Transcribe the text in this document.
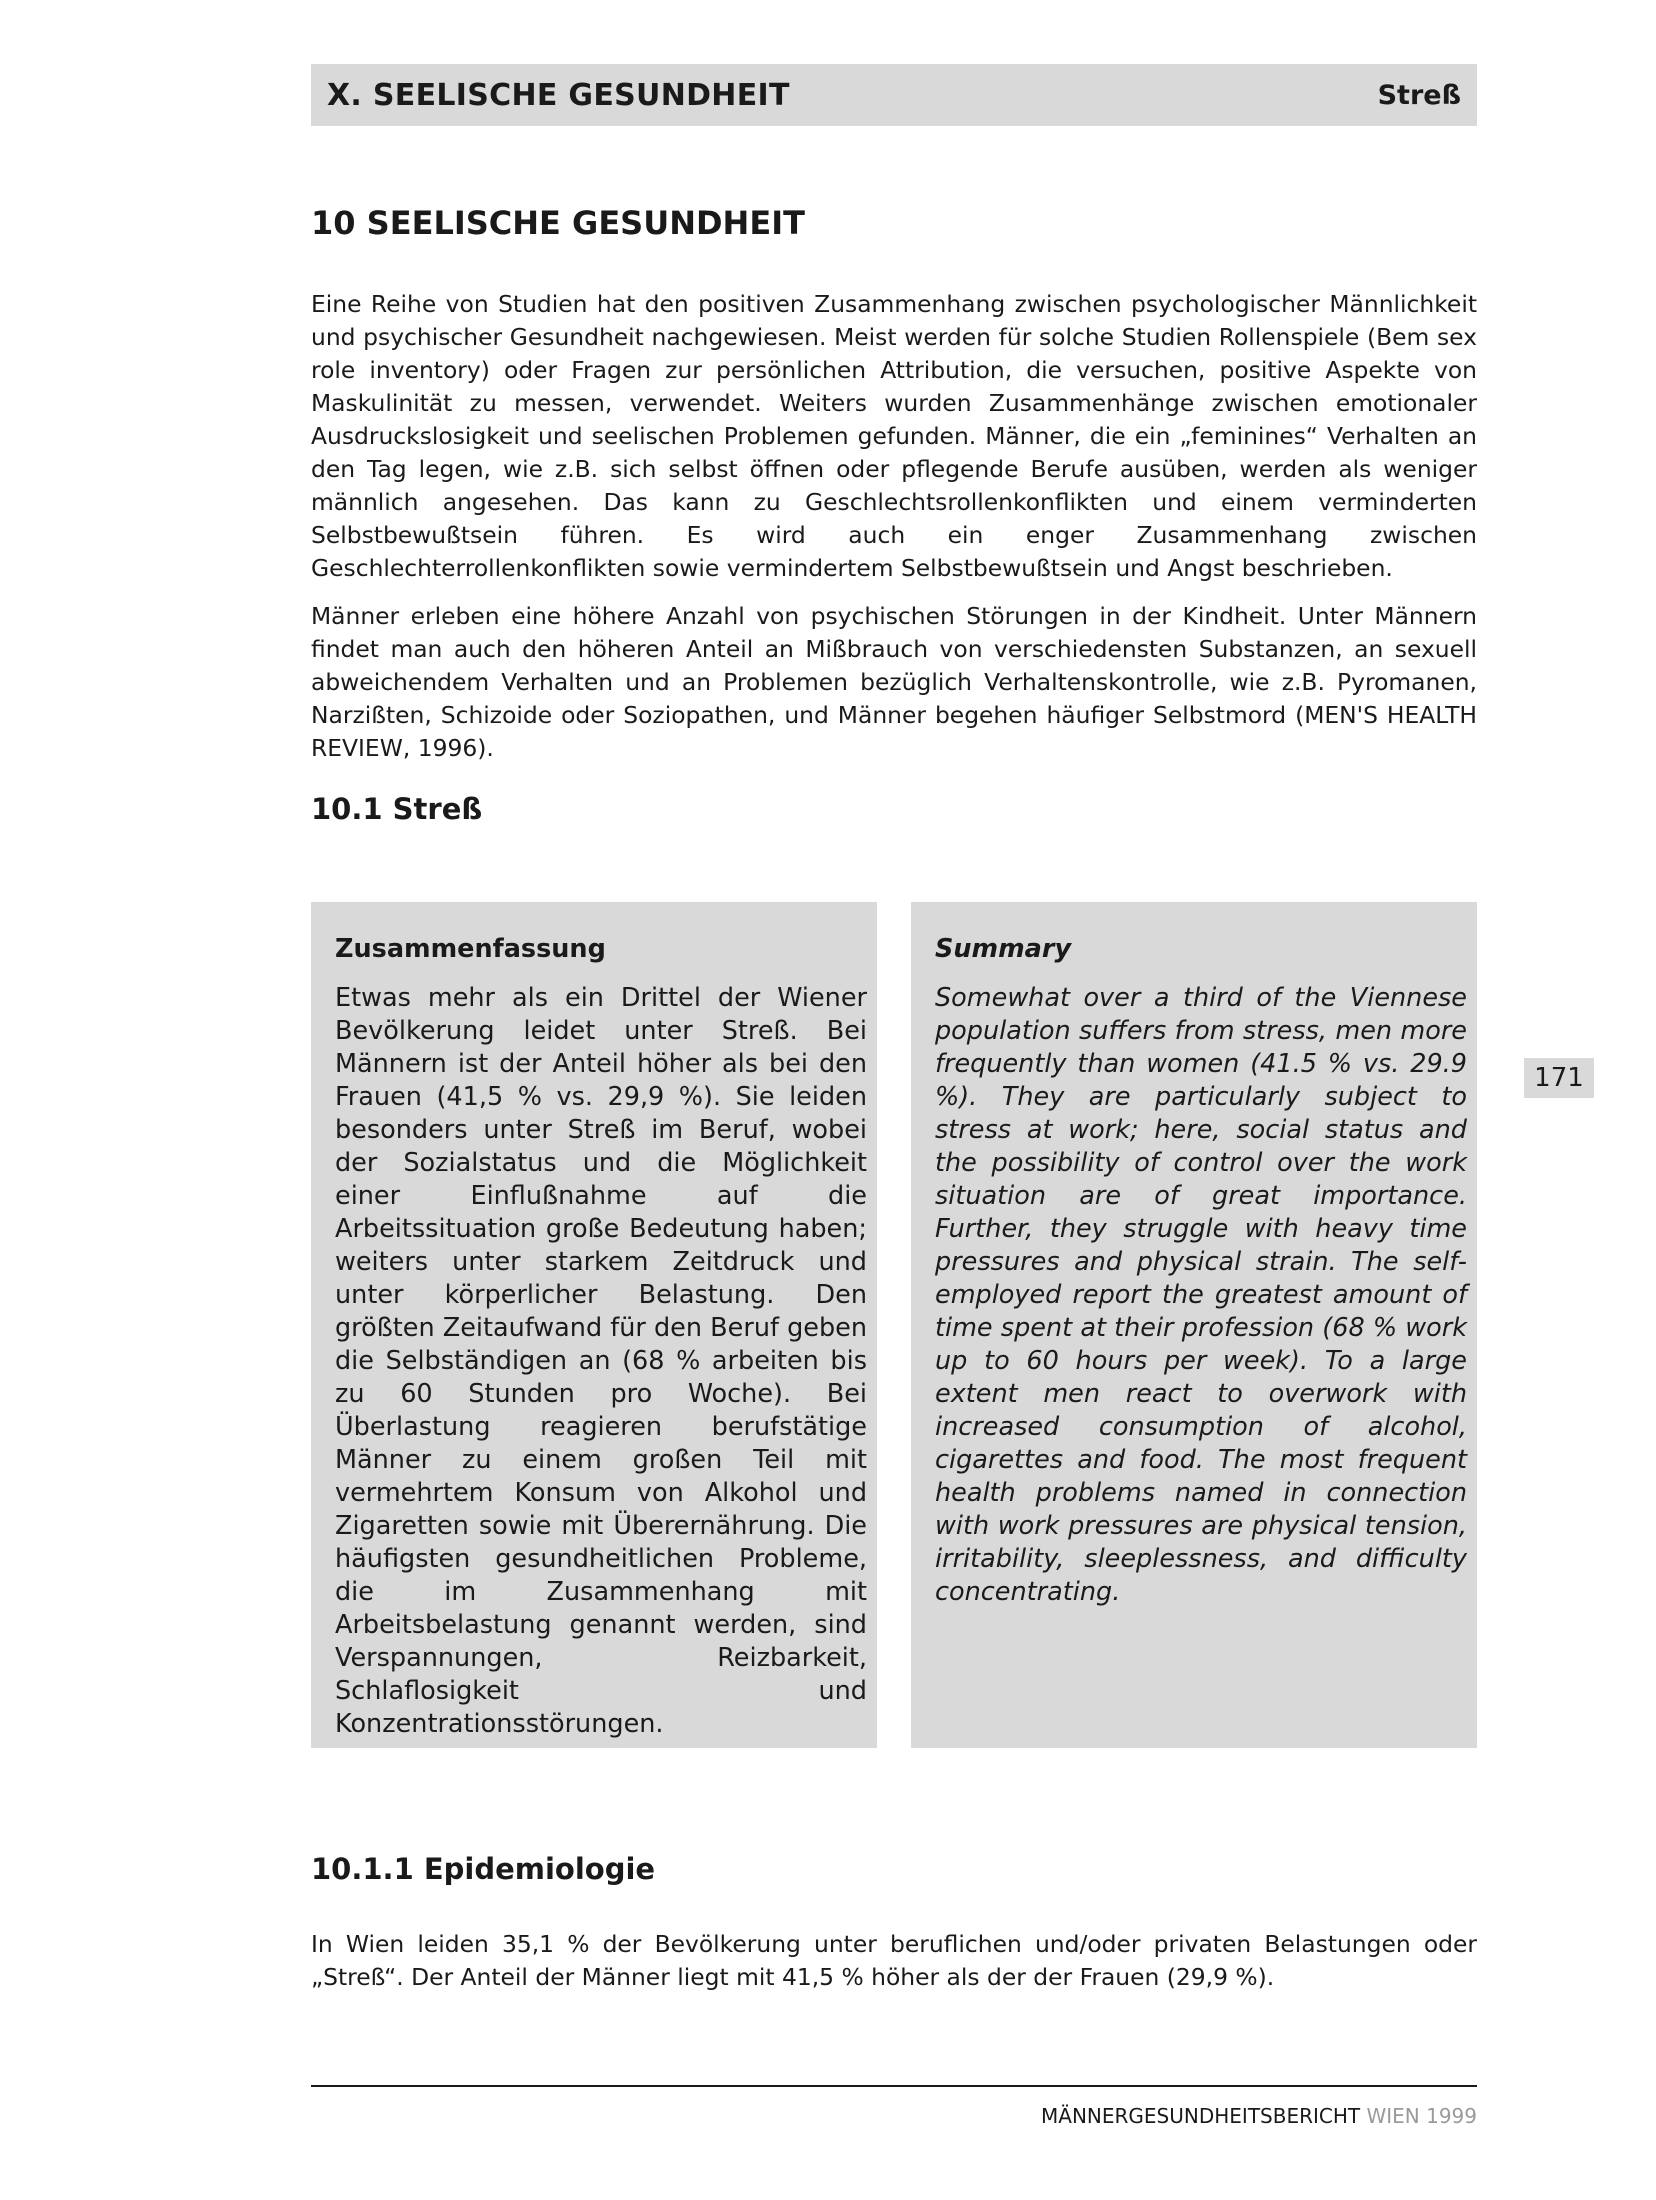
X. SEELISCHE GESUNDHEIT	Streß
10 SEELISCHE GESUNDHEIT

Eine Reihe von Studien hat den positiven Zusammenhang zwischen psychologischer Männlichkeit und psychischer Gesundheit nachgewiesen. Meist werden für solche Studien Rollenspiele (Bem sex role inventory) oder Fragen zur persönlichen Attribution, die versuchen, positive Aspekte von Maskulinität zu messen, verwendet. Weiters wurden Zusammenhänge zwischen emotionaler Ausdruckslosigkeit und seelischen Problemen gefunden. Männer, die ein „feminines“ Verhalten an den Tag legen, wie z.B. sich selbst öffnen oder pflegende Berufe ausüben, werden als weniger männlich angesehen. Das kann zu Geschlechtsrollenkonflikten und einem verminderten Selbstbewußtsein führen. Es wird auch ein enger Zusammenhang zwischen Geschlechterrollenkonflikten sowie vermindertem Selbstbewußtsein und Angst beschrieben.

Männer erleben eine höhere Anzahl von psychischen Störungen in der Kindheit. Unter Männern findet man auch den höheren Anteil an Mißbrauch von verschiedensten Substanzen, an sexuell abweichendem Verhalten und an Problemen bezüglich Verhaltenskontrolle, wie z.B. Pyromanen, Narzißten, Schizoide oder Soziopathen, und Männer begehen häufiger Selbstmord (MEN'S HEALTH REVIEW, 1996).

10.1 Streß
Zusammenfassung

Etwas mehr als ein Drittel der Wiener Bevölkerung leidet unter Streß. Bei Männern ist der Anteil höher als bei den Frauen (41,5 % vs. 29,9 %). Sie leiden besonders unter Streß im Beruf, wobei der Sozialstatus und die Möglichkeit einer Einflußnahme auf die Arbeitssituation große Bedeutung haben; weiters unter starkem Zeitdruck und unter körperlicher Belastung. Den größten Zeitaufwand für den Beruf geben die Selbständigen an (68 % arbeiten bis zu 60 Stunden pro Woche). Bei Überlastung reagieren berufstätige Männer zu einem großen Teil mit vermehrtem Konsum von Alkohol und Zigaretten sowie mit Überernährung. Die häufigsten gesundheitlichen Probleme, die im Zusammenhang mit Arbeitsbelastung genannt werden, sind Verspannungen, Reizbarkeit, Schlaflosigkeit und Konzentrationsstörungen.

Summary

Somewhat over a third of the Viennese population suffers from stress, men more frequently than women (41.5 % vs. 29.9 %). They are particularly subject to stress at work; here, social status and the possibility of control over the work situation are of great importance. Further, they struggle with heavy time pressures and physical strain. The self-employed report the greatest amount of time spent at their profession (68 % work up to 60 hours per week). To a large extent men react to overwork with increased consumption of alcohol, cigarettes and food. The most frequent health problems named in connection with work pressures are physical tension, irritability, sleeplessness, and difficulty concentrating.

171
10.1.1 Epidemiologie

In Wien leiden 35,1 % der Bevölkerung unter beruflichen und/oder privaten Belastungen oder „Streß“. Der Anteil der Männer liegt mit 41,5 % höher als der der Frauen (29,9 %).

MÄNNERGESUNDHEITSBERICHT WIEN 1999
